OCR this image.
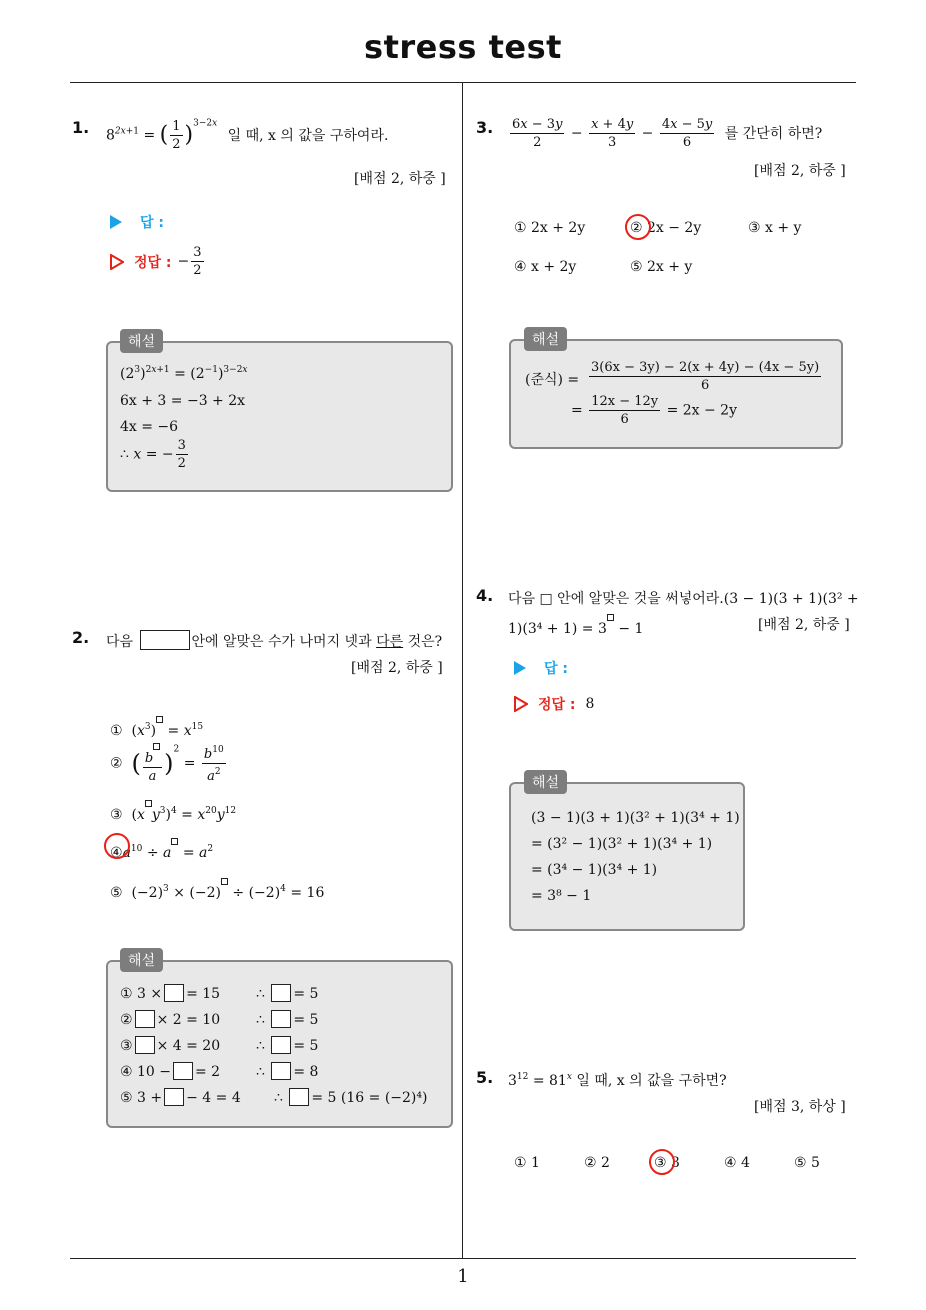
stress test
1
1. $8^{2x+1}$ = ( $\frac{1}{2} )^{3-2x}$ 일 때, x 의 값을 구하여라.
[배점 2, 하중 ]
답 :
정답 : − $\frac{3}{2}$
$(2^3)^{2x+1} = (2^{-1})^{3-2x}$
6x + 3 = −3 + 2x
4x = −6
∴ x = − $\frac{3}{2}$
해설
2. 다음	안에 알맞은 수가 나머지 넷과 다른 것은?
[배점 2, 하중 ]
①  $(x^3) = x^{15}$
② ( $\frac{b}{a} )^2 = \frac{b^{10}}{a^2}$
③  (x $y^3)^4 = x^{20}y^{12}$
$④a^{10} \div a = a^2$
⑤  $(-2)^3 \times (-2) \div (-2)^4 = 16$
① 3 × = 15	∴ = 5
② × 2 = 10	∴ = 5
③ × 4 = 20	∴ = 5
④ 10 − = 2	∴ = 8
⑤ 3 + − 4 = 4 ∴ = 5 (16 = (−2)⁴)
해설
3. $\frac{6x - 3y}{2} - \frac{x + 4y}{3} - \frac{4x - 5y}{6}$ 를 간단히 하면?
[배점 2, 하중 ]
① 2x + 2y	② 2x − 2y	③ x + y
④ x + 2y	⑤ 2x + y
(준식) = $\frac{3(6x - 3y) - 2(x + 4y) - (4x - 5y)}{6}$
= $\frac{12x - 12y}{6} = 2x - 2y$
해설
4. 다음 □ 안에 알맞은 것을 써넣어라.(3 − 1)(3 + 1)(3² +
1)(3⁴ + 1) = 3 − 1	[배점 2, 하중 ]
답 :
정답 : 8
(3 − 1)(3 + 1)(3² + 1)(3⁴ + 1)
= (3² − 1)(3² + 1)(3⁴ + 1)
= (3⁴ − 1)(3⁴ + 1)
= 3⁸ − 1
해설
5. $3^{12} = 81^x$ 일 때, x 의 값을 구하면?
[배점 3, 하상 ]
① 1	② 2	③ 3	④ 4	⑤ 5
